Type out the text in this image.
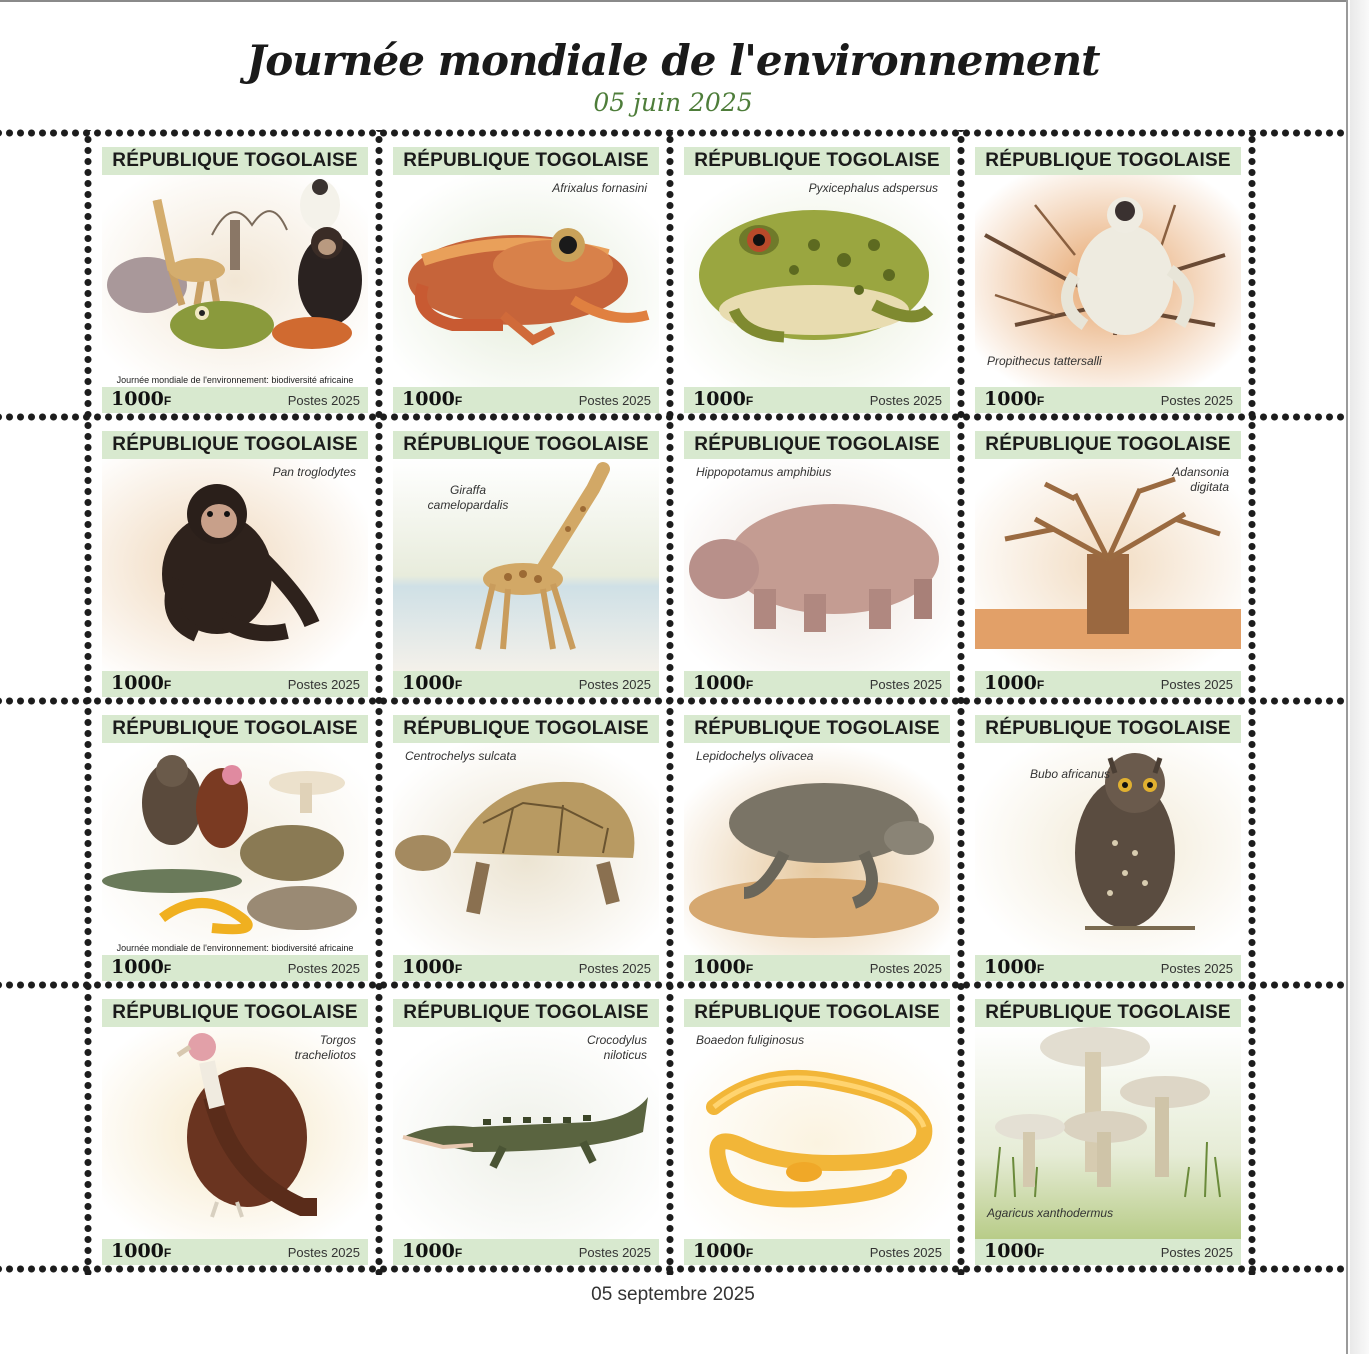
Journée mondiale de l'environnement
05 juin 2025
RÉPUBLIQUE TOGOLAISE
Journée mondiale de l'environnement: biodiversité africaine
1000F	Postes 2025
RÉPUBLIQUE TOGOLAISE
Afrixalus fornasini
1000F	Postes 2025
RÉPUBLIQUE TOGOLAISE
Pyxicephalus adspersus
1000F	Postes 2025
RÉPUBLIQUE TOGOLAISE
Propithecus tattersalli
1000F	Postes 2025
RÉPUBLIQUE TOGOLAISE
Pan troglodytes
1000F	Postes 2025
RÉPUBLIQUE TOGOLAISE
Giraffa camelopardalis
1000F	Postes 2025
RÉPUBLIQUE TOGOLAISE
Hippopotamus amphibius
1000F	Postes 2025
RÉPUBLIQUE TOGOLAISE
Adansonia digitata
1000F	Postes 2025
RÉPUBLIQUE TOGOLAISE
Journée mondiale de l'environnement: biodiversité africaine
1000F	Postes 2025
RÉPUBLIQUE TOGOLAISE
Centrochelys sulcata
1000F	Postes 2025
RÉPUBLIQUE TOGOLAISE
Lepidochelys olivacea
1000F	Postes 2025
RÉPUBLIQUE TOGOLAISE
Bubo africanus
1000F	Postes 2025
RÉPUBLIQUE TOGOLAISE
Torgos tracheliotos
1000F	Postes 2025
RÉPUBLIQUE TOGOLAISE
Crocodylus niloticus
1000F	Postes 2025
RÉPUBLIQUE TOGOLAISE
Boaedon fuliginosus
1000F	Postes 2025
RÉPUBLIQUE TOGOLAISE
Agaricus xanthodermus
1000F	Postes 2025
05 septembre 2025
